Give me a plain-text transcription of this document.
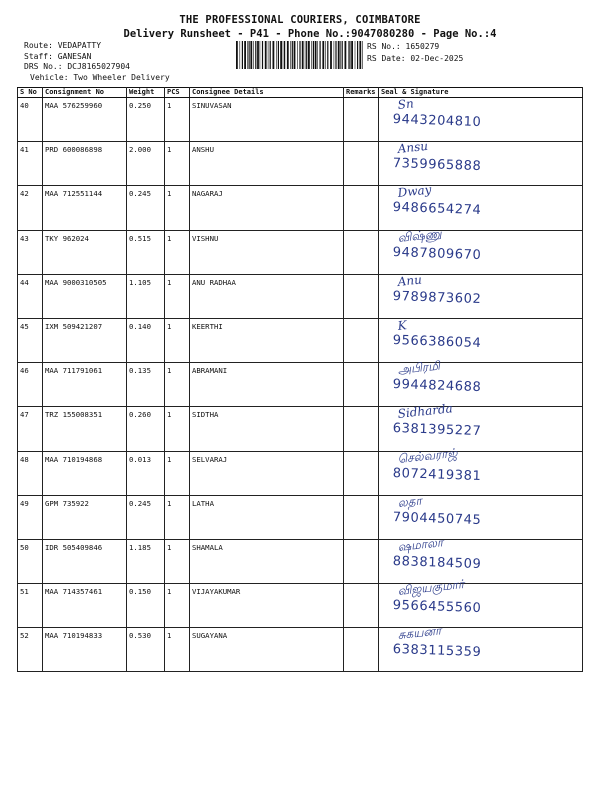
THE PROFESSIONAL COURIERS, COIMBATORE
Delivery Runsheet - P41 - Phone No.:9047080280 - Page No.:4
Route: VEDAPATTY
Staff: GANESAN
DRS No.: DCJ8165027904
Vehicle: Two Wheeler Delivery
RS No.: 1650279
RS Date: 02-Dec-2025
S No	Consignment No	Weight	PCS	Consignee Details	Remarks	Seal & Signature
40	MAA 576259960	0.250	1	SINUVASAN		Sn
9443204810

41	PRD 600086898	2.000	1	ANSHU		Ansu
7359965888

42	MAA 712551144	0.245	1	NAGARAJ		Dway
9486654274

43	TKY 962024	0.515	1	VISHNU		விஷ்ணு
9487809670

44	MAA 9000310505	1.105	1	ANU RADHAA		Anu
9789873602

45	IXM 509421207	0.140	1	KEERTHI		K
9566386054

46	MAA 711791061	0.135	1	ABRAMANI		அபிரமி
9944824688

47	TRZ 155008351	0.260	1	SIDTHA		Sidharda
6381395227

48	MAA 710194868	0.013	1	SELVARAJ		செல்வராஜ்
8072419381

49	GPM 735922	0.245	1	LATHA		லதா
7904450745

50	IDR 505409846	1.185	1	SHAMALA		ஷமாலா
8838184509

51	MAA 714357461	0.150	1	VIJAYAKUMAR		விஜயகுமார்
9566455560

52	MAA 710194833	0.530	1	SUGAYANA		சுகயனா
6383115359
